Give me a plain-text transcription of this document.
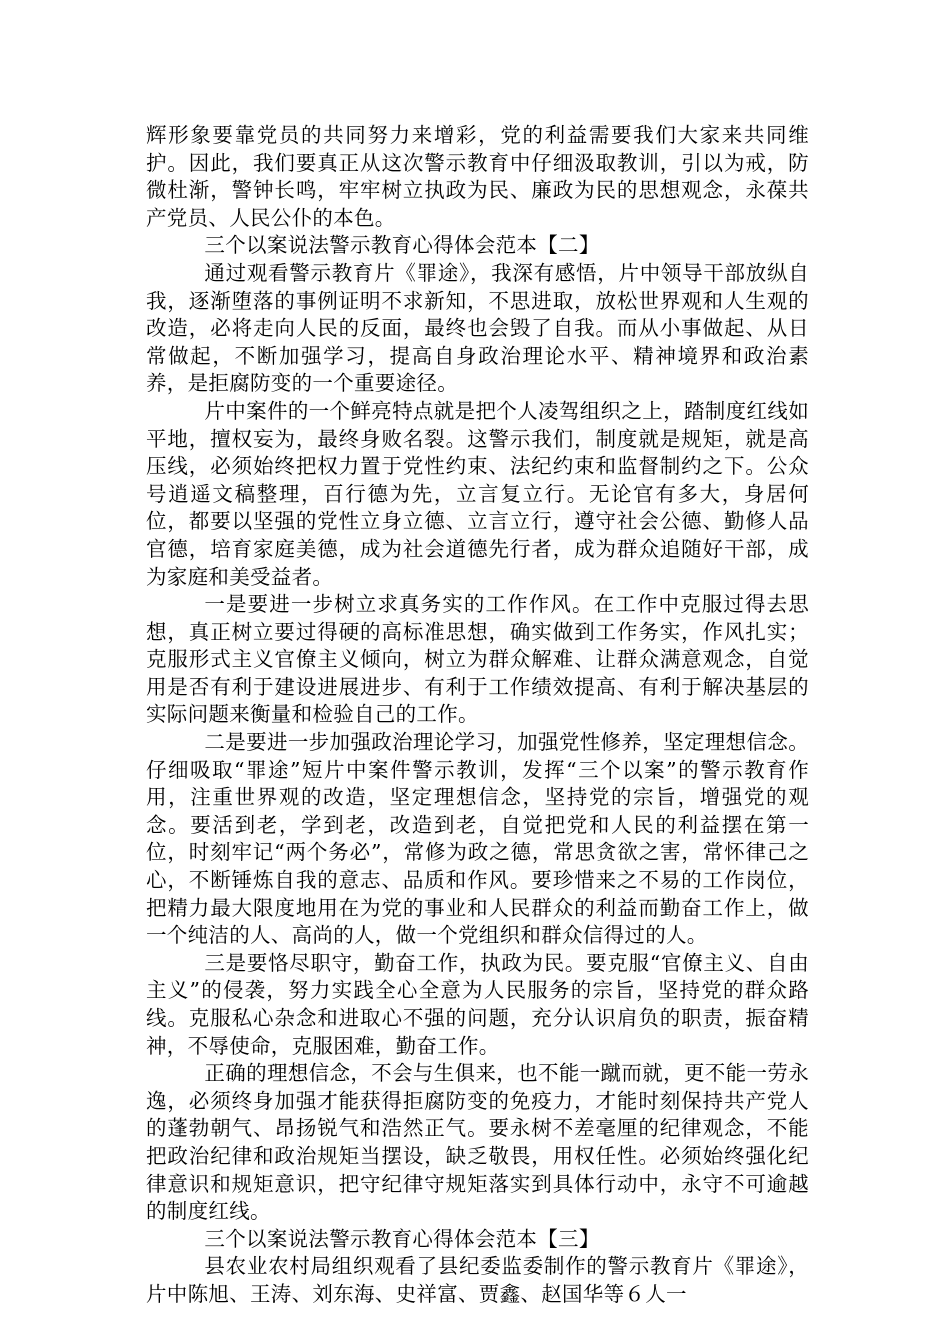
辉形象要靠党员的共同努力来增彩，党的利益需要我们大家来共同维护。因此，我们要真正从这次警示教育中仔细汲取教训，引以为戒，防微杜渐，警钟长鸣，牢牢树立执政为民、廉政为民的思想观念，永葆共产党员、人民公仆的本色。

三个以案说法警示教育心得体会范本【二】

通过观看警示教育片《罪途》，我深有感悟，片中领导干部放纵自我，逐渐堕落的事例证明不求新知，不思进取，放松世界观和人生观的改造，必将走向人民的反面，最终也会毁了自我。而从小事做起、从日常做起，不断加强学习，提高自身政治理论水平、精神境界和政治素养，是拒腐防变的一个重要途径。

片中案件的一个鲜亮特点就是把个人凌驾组织之上，踏制度红线如平地，擅权妄为，最终身败名裂。这警示我们，制度就是规矩，就是高压线，必须始终把权力置于党性约束、法纪约束和监督制约之下。公众号逍遥文稿整理，百行德为先，立言复立行。无论官有多大，身居何位，都要以坚强的党性立身立德、立言立行，遵守社会公德、勤修人品官德，培育家庭美德，成为社会道德先行者，成为群众追随好干部，成为家庭和美受益者。

一是要进一步树立求真务实的工作作风。在工作中克服过得去思想，真正树立要过得硬的高标准思想，确实做到工作务实，作风扎实；克服形式主义官僚主义倾向，树立为群众解难、让群众满意观念，自觉用是否有利于建设进展进步、有利于工作绩效提高、有利于解决基层的实际问题来衡量和检验自己的工作。

二是要进一步加强政治理论学习，加强党性修养，坚定理想信念。仔细吸取“罪途”短片中案件警示教训，发挥“三个以案”的警示教育作用，注重世界观的改造，坚定理想信念，坚持党的宗旨，增强党的观念。要活到老，学到老，改造到老，自觉把党和人民的利益摆在第一位，时刻牢记“两个务必”，常修为政之德，常思贪欲之害，常怀律己之心，不断锤炼自我的意志、品质和作风。要珍惜来之不易的工作岗位，把精力最大限度地用在为党的事业和人民群众的利益而勤奋工作上，做一个纯洁的人、高尚的人，做一个党组织和群众信得过的人。

三是要恪尽职守，勤奋工作，执政为民。要克服“官僚主义、自由主义”的侵袭，努力实践全心全意为人民服务的宗旨，坚持党的群众路线。克服私心杂念和进取心不强的问题，充分认识肩负的职责，振奋精神，不辱使命，克服困难，勤奋工作。

正确的理想信念，不会与生俱来，也不能一蹴而就，更不能一劳永逸，必须终身加强才能获得拒腐防变的免疫力，才能时刻保持共产党人的蓬勃朝气、昂扬锐气和浩然正气。要永树不差毫厘的纪律观念，不能把政治纪律和政治规矩当摆设，缺乏敬畏，用权任性。必须始终强化纪律意识和规矩意识，把守纪律守规矩落实到具体行动中，永守不可逾越的制度红线。

三个以案说法警示教育心得体会范本【三】

县农业农村局组织观看了县纪委监委制作的警示教育片《罪途》，片中陈旭、王涛、刘东海、史祥富、贾鑫、赵国华等６人一
